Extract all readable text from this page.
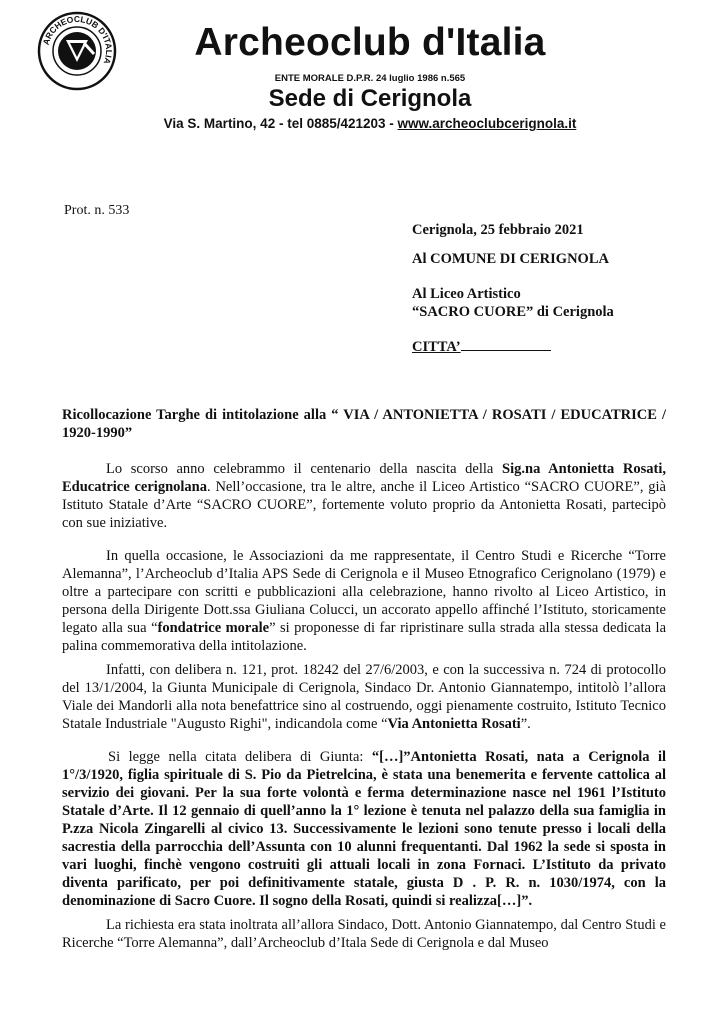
ARCHEOCLUB D'ITALIA	Archeoclub d'Italia
ENTE MORALE D.P.R. 24 luglio 1986 n.565
Sede di Cerignola
Via S. Martino, 42 - tel 0885/421203 - www.archeoclubcerignola.it
Prot. n. 533
Cerignola, 25 febbraio 2021
Al COMUNE DI CERIGNOLA
Al Liceo Artistico
“SACRO CUORE” di Cerignola
CITTA’
Ricollocazione Targhe di intitolazione alla “ VIA / ANTONIETTA / ROSATI / EDUCATRICE / 1920-1990”

Lo scorso anno celebrammo il centenario della nascita della Sig.na Antonietta Rosati, Educatrice cerignolana. Nell’occasione, tra le altre, anche il Liceo Artistico “SACRO CUORE”, già Istituto Statale d’Arte “SACRO CUORE”, fortemente voluto proprio da Antonietta Rosati, partecipò con sue iniziative.

In quella occasione, le Associazioni da me rappresentate, il Centro Studi e Ricerche “Torre Alemanna”, l’Archeoclub d’Italia APS Sede di Cerignola e il Museo Etnografico Cerignolano (1979) e oltre a partecipare con scritti e pubblicazioni alla celebrazione, hanno rivolto al Liceo Artistico, in persona della Dirigente Dott.ssa Giuliana Colucci, un accorato appello affinché l’Istituto, storicamente legato alla sua “fondatrice morale” si proponesse di far ripristinare sulla strada alla stessa dedicata la palina commemorativa della intitolazione.

Infatti, con delibera n. 121, prot. 18242 del 27/6/2003, e con la successiva n. 724 di protocollo del 13/1/2004, la Giunta Municipale di Cerignola, Sindaco Dr. Antonio Giannatempo, intitolò l’allora Viale dei Mandorli alla nota benefattrice sino al costruendo, oggi pienamente costruito, Istituto Tecnico Statale Industriale "Augusto Righi", indicandola come “Via Antonietta Rosati”.

Si legge nella citata delibera di Giunta: “[…]”Antonietta Rosati, nata a Cerignola il 1°/3/1920, figlia spirituale di S. Pio da Pietrelcina, è stata una benemerita e fervente cattolica al servizio dei giovani. Per la sua forte volontà e ferma determinazione nasce nel 1961 l’Istituto Statale d’Arte. Il 12 gennaio di quell’anno la 1° lezione è tenuta nel palazzo della sua famiglia in P.zza Nicola Zingarelli al civico 13. Successivamente le lezioni sono tenute presso i locali della sacrestia della parrocchia dell’Assunta con 10 alunni frequentanti. Dal 1962 la sede si sposta in vari luoghi, finchè vengono costruiti gli attuali locali in zona Fornaci. L’Istituto da privato diventa parificato, per poi definitivamente statale, giusta D . P. R. n. 1030/1974, con la denominazione di Sacro Cuore. Il sogno della Rosati, quindi si realizza[…]”.

La richiesta era stata inoltrata all’allora Sindaco, Dott. Antonio Giannatempo, dal Centro Studi e Ricerche “Torre Alemanna”, dall’Archeoclub d’Itala Sede di Cerignola e dal Museo
